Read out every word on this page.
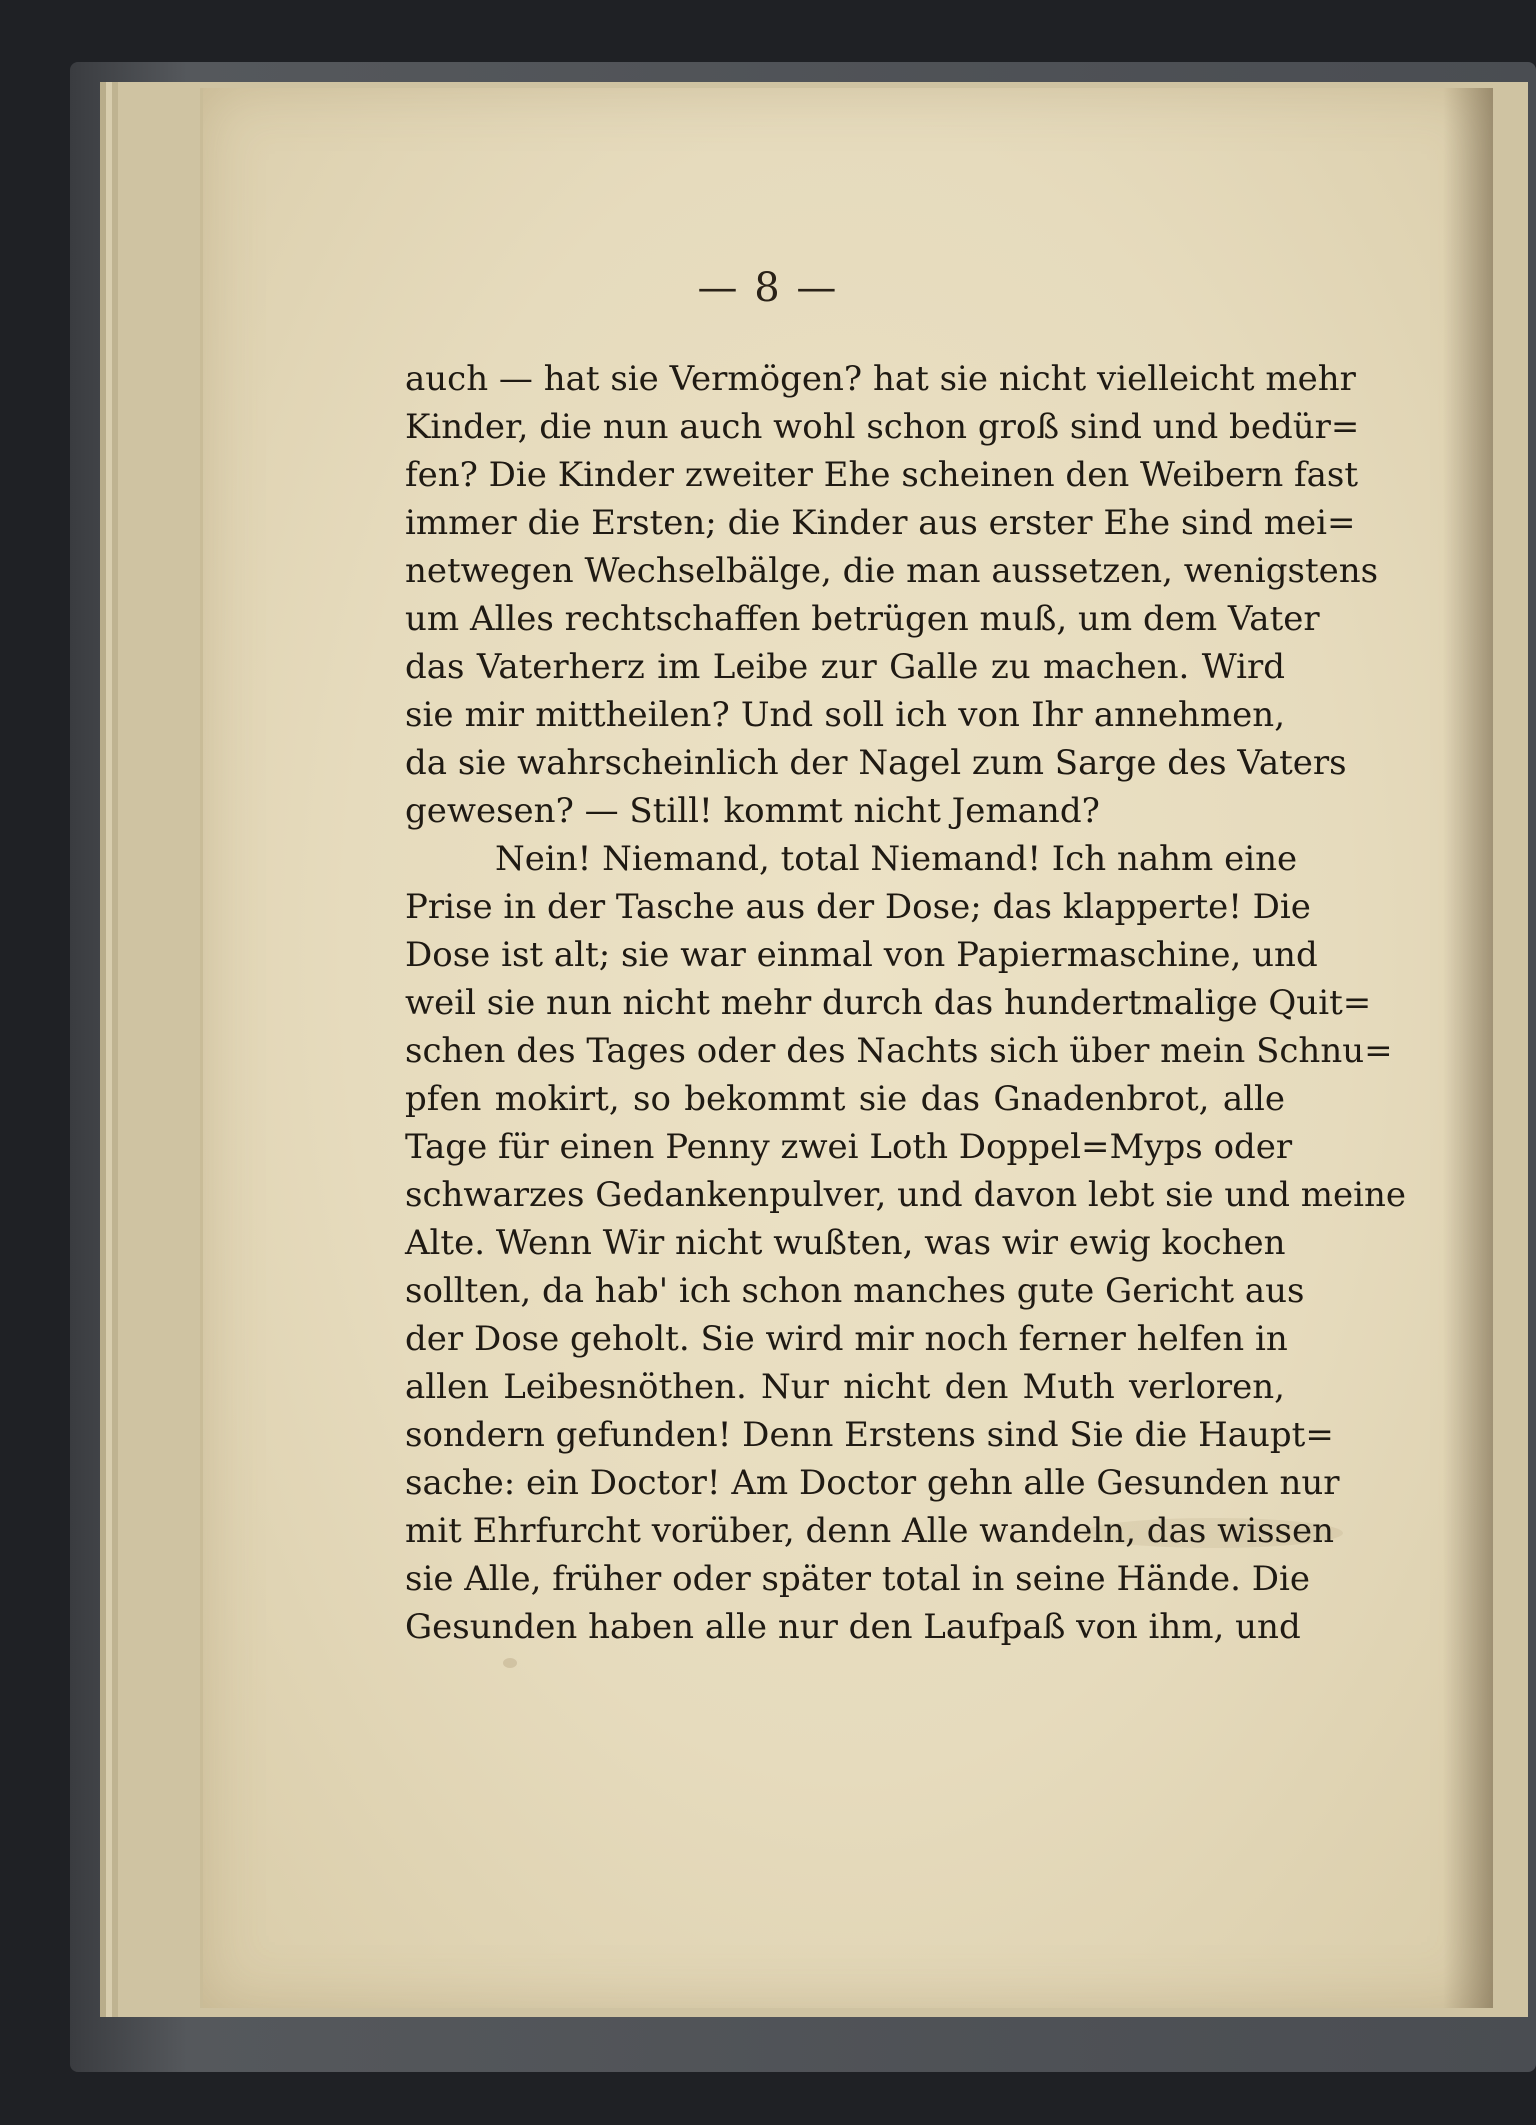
— 8 —
auch — hat sie Vermögen? hat sie nicht vielleicht mehr
Kinder, die nun auch wohl schon groß sind und bedür=
fen? Die Kinder zweiter Ehe scheinen den Weibern fast
immer die Ersten; die Kinder aus erster Ehe sind mei=
netwegen Wechselbälge, die man aussetzen, wenigstens
um Alles rechtschaffen betrügen muß, um dem Vater
das Vaterherz im Leibe zur Galle zu machen. Wird
sie mir mittheilen? Und soll ich von Ihr annehmen,
da sie wahrscheinlich der Nagel zum Sarge des Vaters
gewesen? — Still! kommt nicht Jemand?
Nein! Niemand, total Niemand! Ich nahm eine
Prise in der Tasche aus der Dose; das klapperte! Die
Dose ist alt; sie war einmal von Papiermaschine, und
weil sie nun nicht mehr durch das hundertmalige Quit=
schen des Tages oder des Nachts sich über mein Schnu=
pfen mokirt, so bekommt sie das Gnadenbrot, alle
Tage für einen Penny zwei Loth Doppel=Myps oder
schwarzes Gedankenpulver, und davon lebt sie und meine
Alte. Wenn Wir nicht wußten, was wir ewig kochen
sollten, da hab' ich schon manches gute Gericht aus
der Dose geholt. Sie wird mir noch ferner helfen in
allen Leibesnöthen. Nur nicht den Muth verloren,
sondern gefunden! Denn Erstens sind Sie die Haupt=
sache: ein Doctor! Am Doctor gehn alle Gesunden nur
mit Ehrfurcht vorüber, denn Alle wandeln, das wissen
sie Alle, früher oder später total in seine Hände. Die
Gesunden haben alle nur den Laufpaß von ihm, und
